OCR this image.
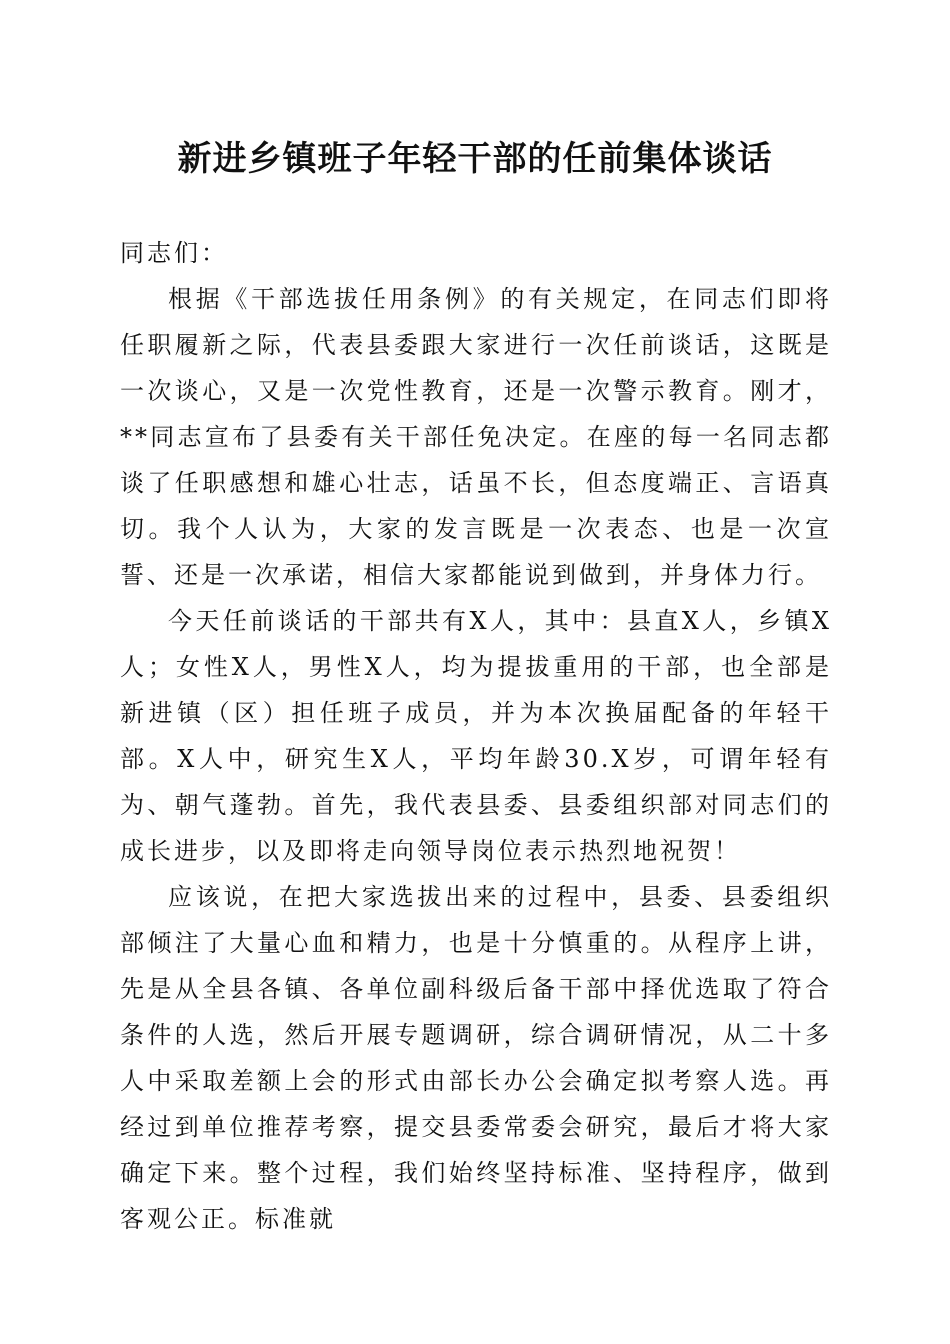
新进乡镇班子年轻干部的任前集体谈话

同志们：

根据《干部选拔任用条例》的有关规定，在同志们即将任职履新之际，代表县委跟大家进行一次任前谈话，这既是一次谈心，又是一次党性教育，还是一次警示教育。刚才，**同志宣布了县委有关干部任免决定。在座的每一名同志都谈了任职感想和雄心壮志，话虽不长，但态度端正、言语真切。我个人认为，大家的发言既是一次表态、也是一次宣誓、还是一次承诺，相信大家都能说到做到，并身体力行。

今天任前谈话的干部共有X人，其中：县直X人，乡镇X人；女性X人，男性X人，均为提拔重用的干部，也全部是新进镇（区）担任班子成员，并为本次换届配备的年轻干部。X人中，研究生X人，平均年龄30.X岁，可谓年轻有为、朝气蓬勃。首先，我代表县委、县委组织部对同志们的成长进步，以及即将走向领导岗位表示热烈地祝贺！

应该说，在把大家选拔出来的过程中，县委、县委组织部倾注了大量心血和精力，也是十分慎重的。从程序上讲，先是从全县各镇、各单位副科级后备干部中择优选取了符合条件的人选，然后开展专题调研，综合调研情况，从二十多人中采取差额上会的形式由部长办公会确定拟考察人选。再经过到单位推荐考察，提交县委常委会研究，最后才将大家确定下来。整个过程，我们始终坚持标准、坚持程序，做到客观公正。标准就
